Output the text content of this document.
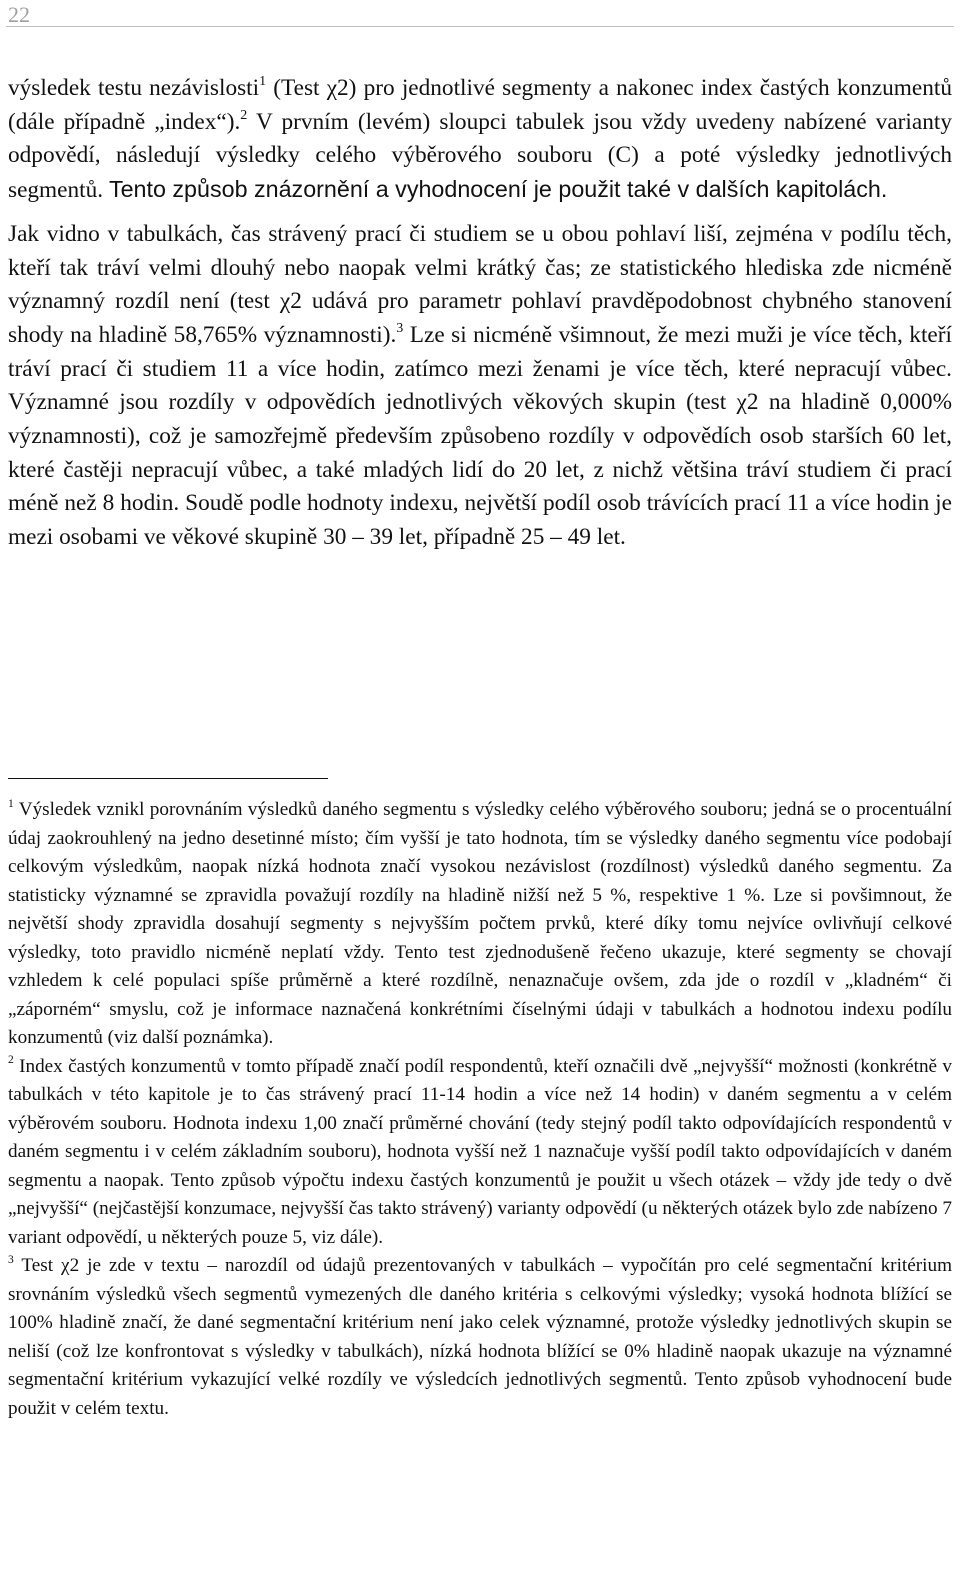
22

výsledek testu nezávislosti$^1$ (Test χ2) pro jednotlivé segmenty a nakonec index častých konzumentů (dále případně „index“).$^2$ V prvním (levém) sloupci tabulek jsou vždy uvedeny nabízené varianty odpovědí, následují výsledky celého výběrového souboru (C) a poté výsledky jednotlivých segmentů. Tento způsob znázornění a vyhodnocení je použit také v dalších kapitolách.

Jak vidno v tabulkách, čas strávený prací či studiem se u obou pohlaví liší, zejména v podílu těch, kteří tak tráví velmi dlouhý nebo naopak velmi krátký čas; ze statistického hlediska zde nicméně významný rozdíl není (test χ2 udává pro parametr pohlaví pravděpodobnost chybného stanovení shody na hladině 58,765% významnosti).$^3$ Lze si nicméně všimnout, že mezi muži je více těch, kteří tráví prací či studiem 11 a více hodin, zatímco mezi ženami je více těch, které nepracují vůbec. Významné jsou rozdíly v odpovědích jednotlivých věkových skupin (test χ2 na hladině 0,000% významnosti), což je samozřejmě především způsobeno rozdíly v odpovědích osob starších 60 let, které častěji nepracují vůbec, a také mladých lidí do 20 let, z nichž většina tráví studiem či prací méně než 8 hodin. Soudě podle hodnoty indexu, největší podíl osob trávících prací 11 a více hodin je mezi osobami ve věkové skupině 30 – 39 let, případně 25 – 49 let.

$^1$ Výsledek vznikl porovnáním výsledků daného segmentu s výsledky celého výběrového souboru; jedná se o procentuální údaj zaokrouhlený na jedno desetinné místo; čím vyšší je tato hodnota, tím se výsledky daného segmentu více podobají celkovým výsledkům, naopak nízká hodnota značí vysokou nezávislost (rozdílnost) výsledků daného segmentu. Za statisticky významné se zpravidla považují rozdíly na hladině nižší než 5 %, respektive 1 %. Lze si povšimnout, že největší shody zpravidla dosahují segmenty s nejvyšším počtem prvků, které díky tomu nejvíce ovlivňují celkové výsledky, toto pravidlo nicméně neplatí vždy. Tento test zjednodušeně řečeno ukazuje, které segmenty se chovají vzhledem k celé populaci spíše průměrně a které rozdílně, nenaznačuje ovšem, zda jde o rozdíl v „kladném“ či „záporném“ smyslu, což je informace naznačená konkrétními číselnými údaji v tabulkách a hodnotou indexu podílu konzumentů (viz další poznámka).

$^2$ Index častých konzumentů v tomto případě značí podíl respondentů, kteří označili dvě „nejvyšší“ možnosti (konkrétně v tabulkách v této kapitole je to čas strávený prací 11-14 hodin a více než 14 hodin) v daném segmentu a v celém výběrovém souboru. Hodnota indexu 1,00 značí průměrné chování (tedy stejný podíl takto odpovídajících respondentů v daném segmentu i v celém základním souboru), hodnota vyšší než 1 naznačuje vyšší podíl takto odpovídajících v daném segmentu a naopak. Tento způsob výpočtu indexu častých konzumentů je použit u všech otázek – vždy jde tedy o dvě „nejvyšší“ (nejčastější konzumace, nejvyšší čas takto strávený) varianty odpovědí (u některých otázek bylo zde nabízeno 7 variant odpovědí, u některých pouze 5, viz dále).

$^3$ Test χ2 je zde v textu – narozdíl od údajů prezentovaných v tabulkách – vypočítán pro celé segmentační kritérium srovnáním výsledků všech segmentů vymezených dle daného kritéria s celkovými výsledky; vysoká hodnota blížící se 100% hladině značí, že dané segmentační kritérium není jako celek významné, protože výsledky jednotlivých skupin se neliší (což lze konfrontovat s výsledky v tabulkách), nízká hodnota blížící se 0% hladině naopak ukazuje na významné segmentační kritérium vykazující velké rozdíly ve výsledcích jednotlivých segmentů. Tento způsob vyhodnocení bude použit v celém textu.
